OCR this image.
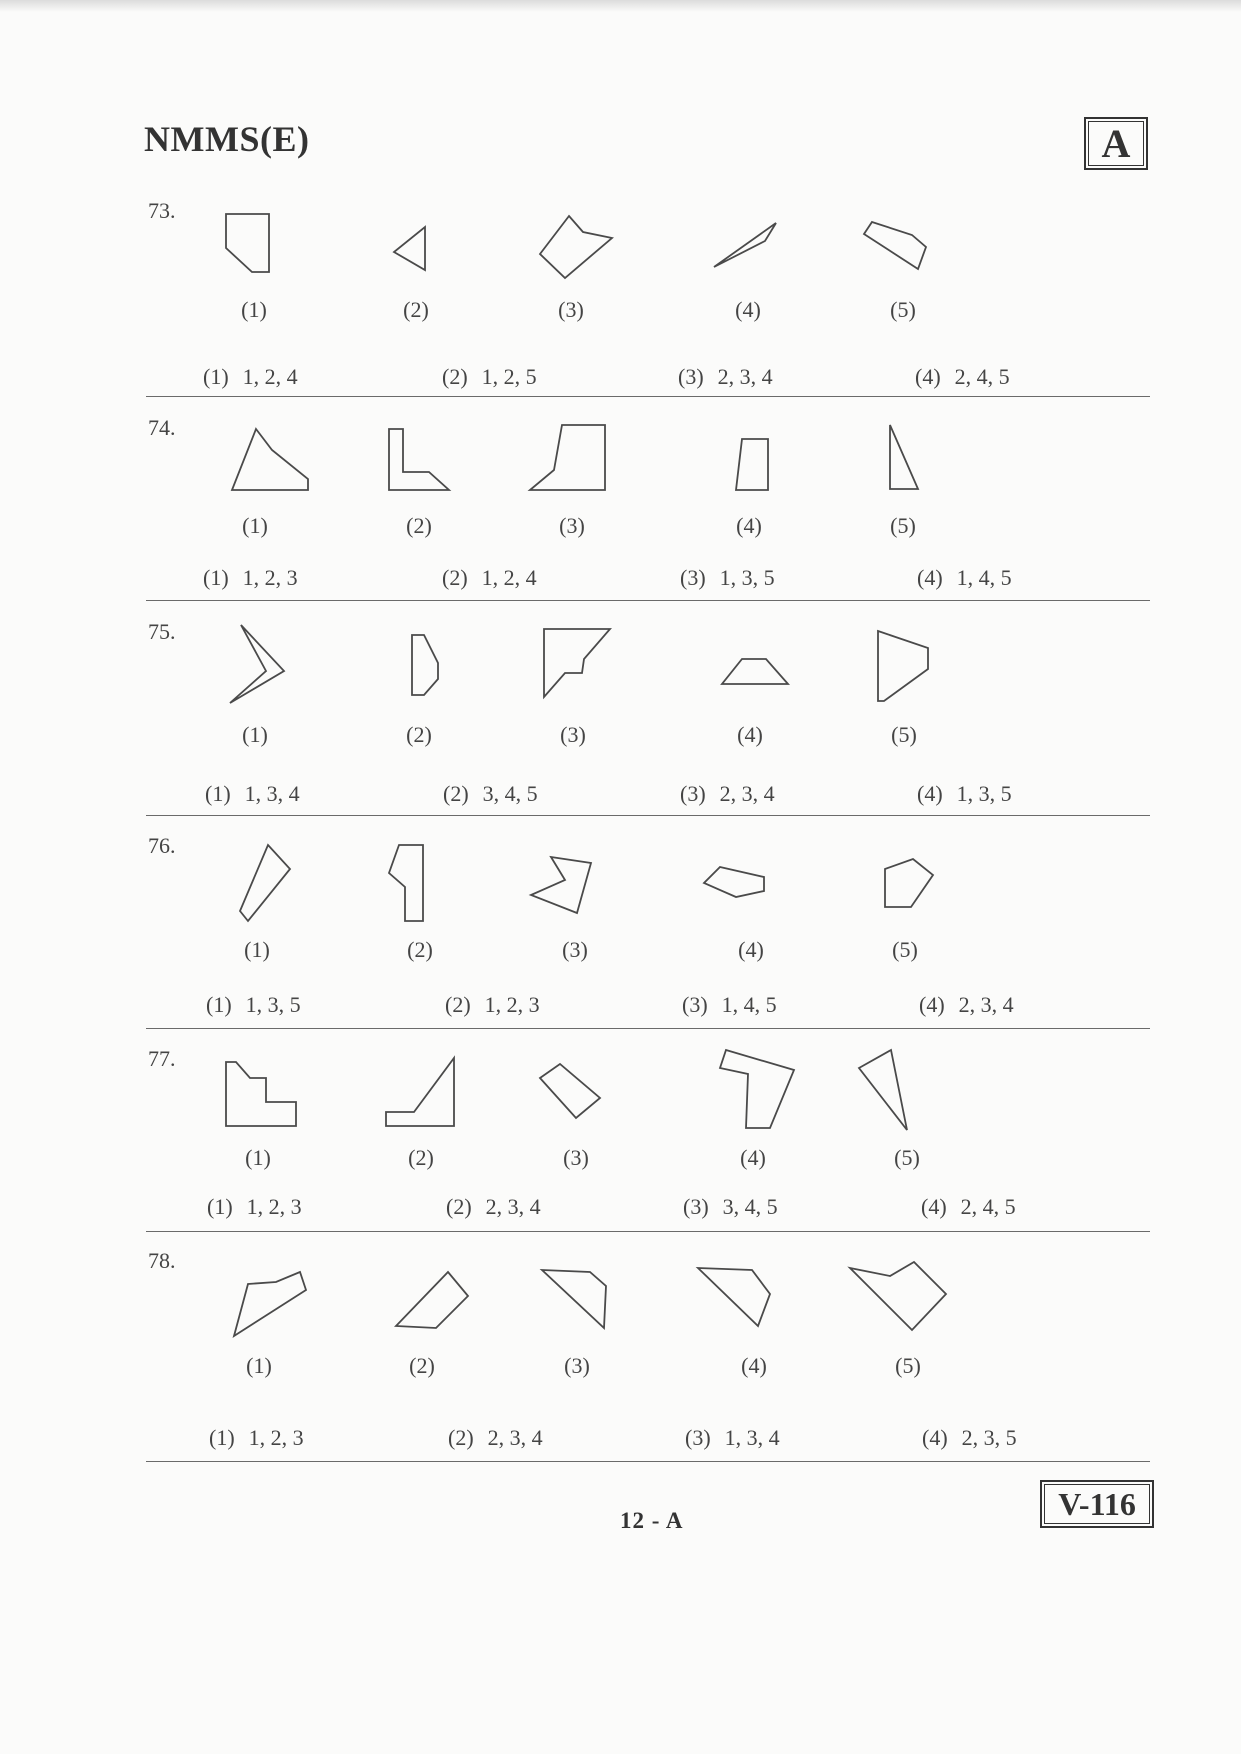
NMMS(E)	A
73.
(1)	(2)	(3)	(4)	(5)
(1) 1, 2, 4	(2) 1, 2, 5	(3) 2, 3, 4	(4) 2, 4, 5
74.
(1)	(2)	(3)	(4)	(5)
(1) 1, 2, 3	(2) 1, 2, 4	(3) 1, 3, 5	(4) 1, 4, 5
75.
(1)	(2)	(3)	(4)	(5)
(1) 1, 3, 4	(2) 3, 4, 5	(3) 2, 3, 4	(4) 1, 3, 5
76.
(1)	(2)	(3)	(4)	(5)
(1) 1, 3, 5	(2) 1, 2, 3	(3) 1, 4, 5	(4) 2, 3, 4
77.
(1)	(2)	(3)	(4)	(5)
(1) 1, 2, 3	(2) 2, 3, 4	(3) 3, 4, 5	(4) 2, 4, 5
78.
(1)	(2)	(3)	(4)	(5)
(1) 1, 2, 3	(2) 2, 3, 4	(3) 1, 3, 4	(4) 2, 3, 5
12 - A	V-116
